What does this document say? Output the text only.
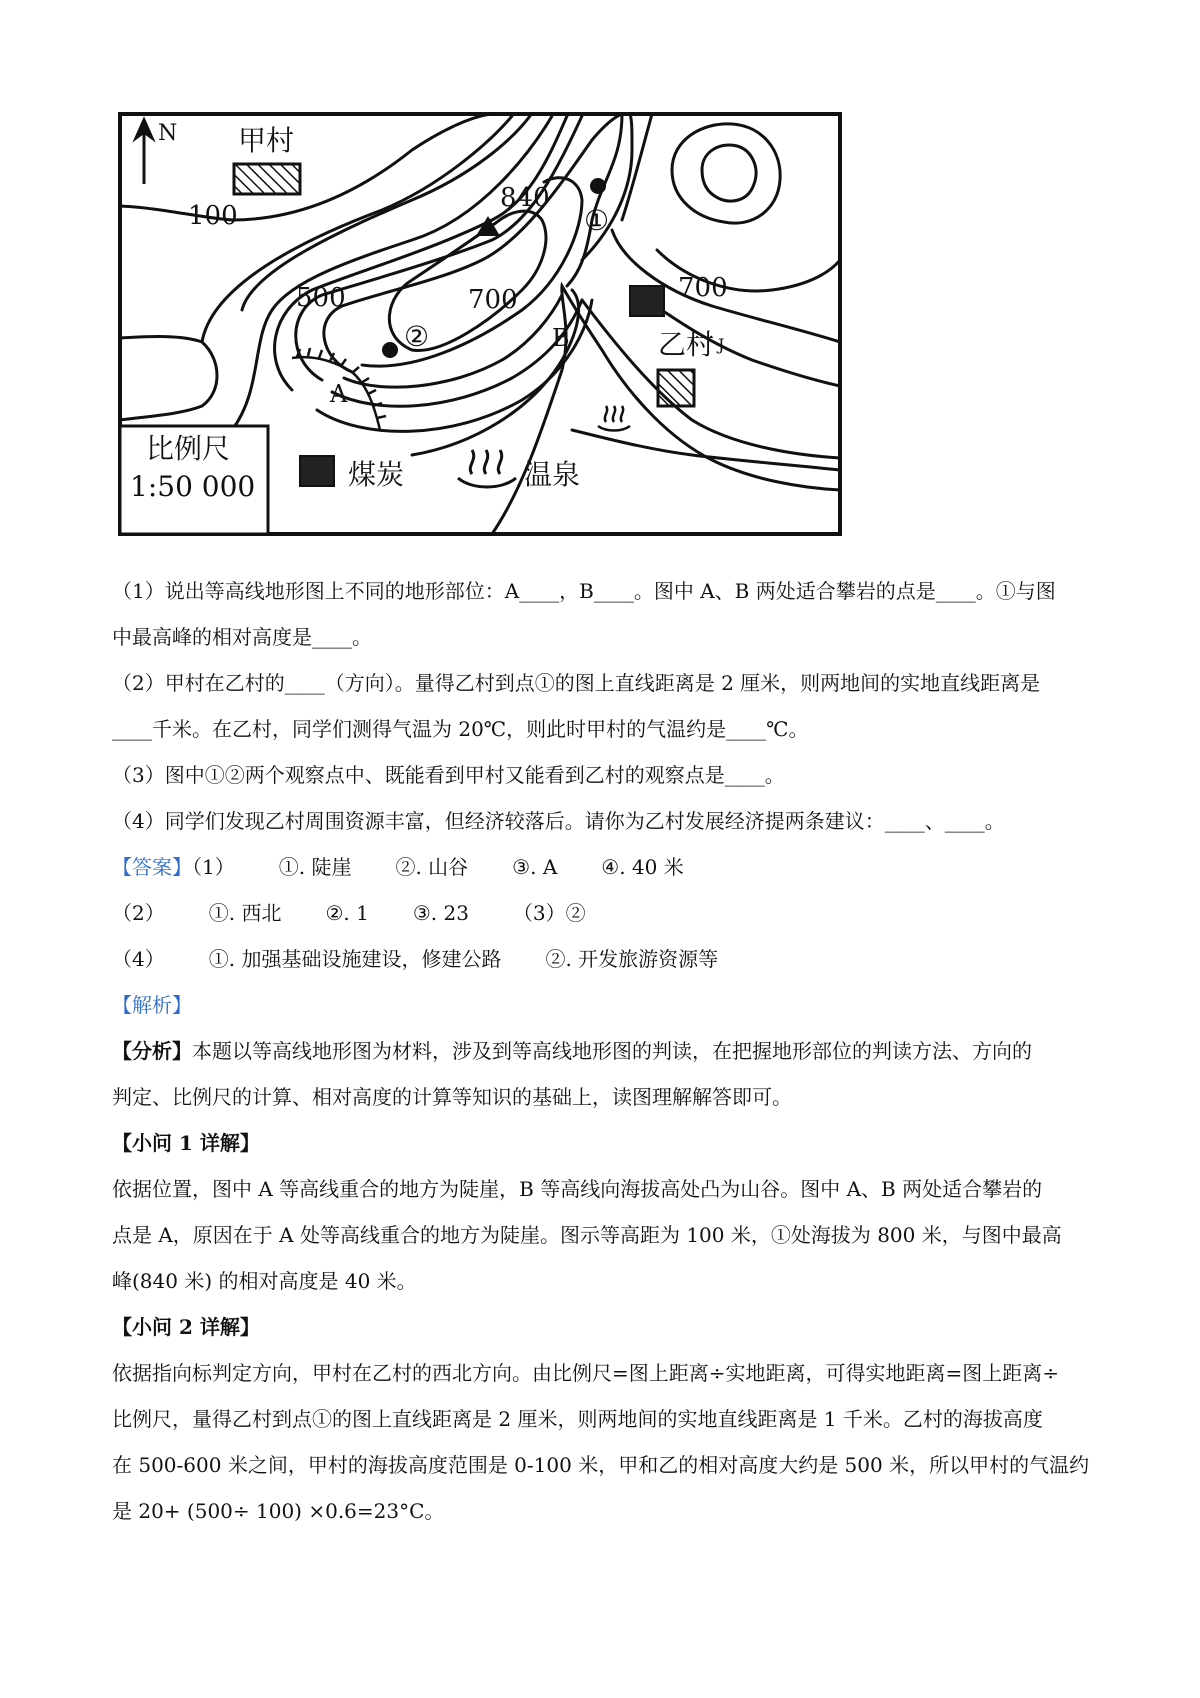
N 甲村
100
500	700	700
840
①
②
A
B	乙村 J
比例尺
1:50 000	煤炭	温泉
（1）说出等高线地形图上不同的地形部位：A____，B____。图中 A、B 两处适合攀岩的点是____。①与图
中最高峰的相对高度是____。
（2）甲村在乙村的____（方向）。量得乙村到点①的图上直线距离是 2 厘米，则两地间的实地直线距离是
____千米。在乙村，同学们测得气温为 20℃，则此时甲村的气温约是____℃。
（3）图中①②两个观察点中、既能看到甲村又能看到乙村的观察点是____。
（4）同学们发现乙村周围资源丰富，但经济较落后。请你为乙村发展经济提两条建议：____、____。
【答案】（1） ①. 陡崖 ②. 山谷 ③. A ④. 40 米
（2） ①. 西北 ②. 1 ③. 23 （3）②
（4） ①. 加强基础设施建设，修建公路 ②. 开发旅游资源等
【解析】
【分析】本题以等高线地形图为材料，涉及到等高线地形图的判读，在把握地形部位的判读方法、方向的
判定、比例尺的计算、相对高度的计算等知识的基础上，读图理解解答即可。
【小问 1 详解】
依据位置，图中 A 等高线重合的地方为陡崖，B 等高线向海拔高处凸为山谷。图中 A、B 两处适合攀岩的
点是 A，原因在于 A 处等高线重合的地方为陡崖。图示等高距为 100 米，①处海拔为 800 米，与图中最高
峰(840 米) 的相对高度是 40 米。
【小问 2 详解】
依据指向标判定方向，甲村在乙村的西北方向。由比例尺=图上距离÷实地距离，可得实地距离=图上距离÷
比例尺，量得乙村到点①的图上直线距离是 2 厘米，则两地间的实地直线距离是 1 千米。乙村的海拔高度
在 500-600 米之间，甲村的海拔高度范围是 0-100 米，甲和乙的相对高度大约是 500 米，所以甲村的气温约
是 20+ (500÷ 100) ×0.6=23°C。
